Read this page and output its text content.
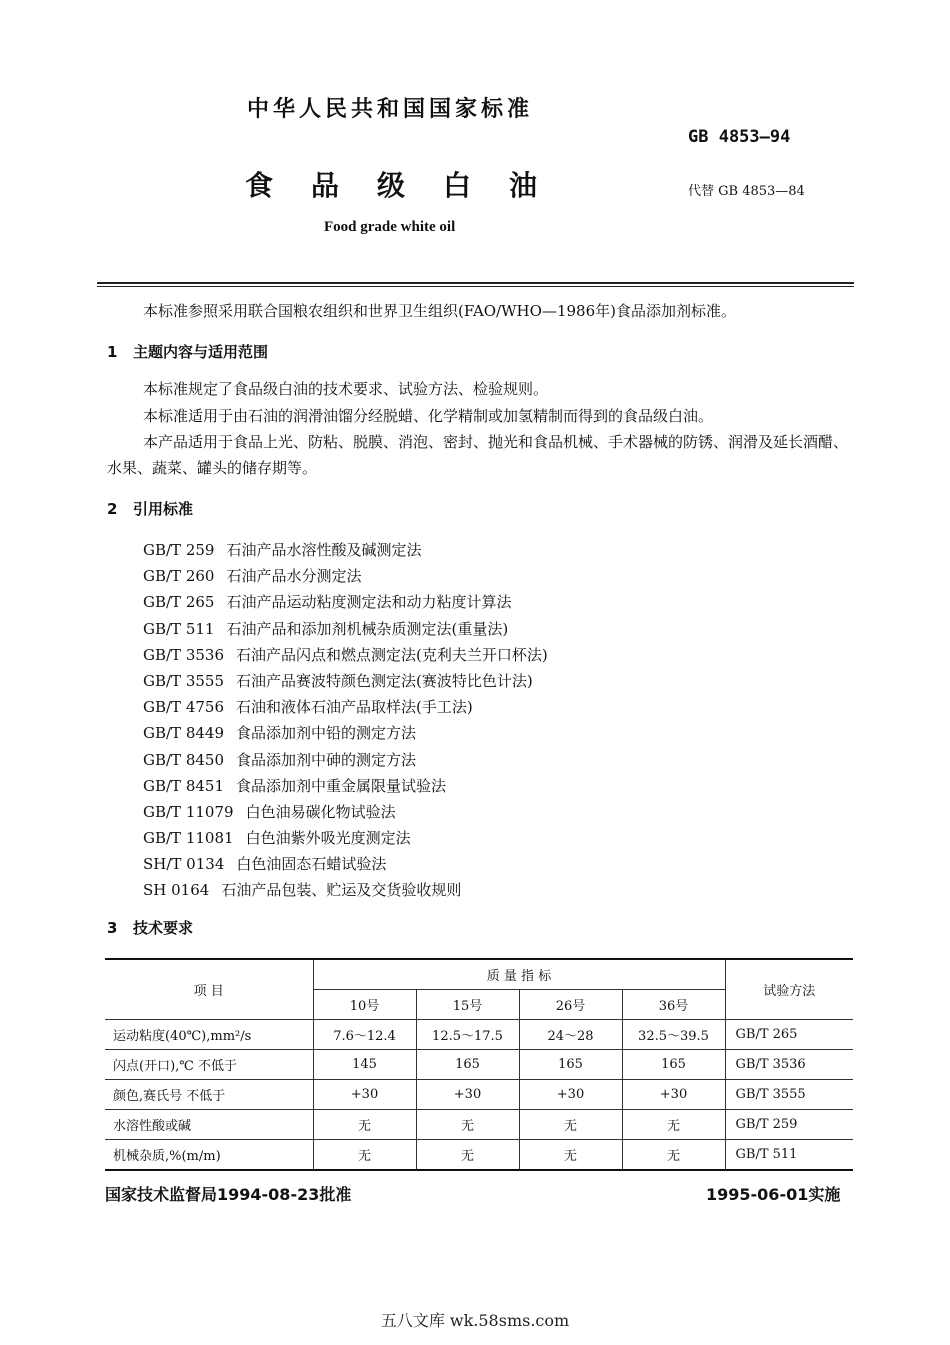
中华人民共和国国家标准
GB 4853—94
食品级白油	代替 GB 4853—84
Food grade white oil
本标准参照采用联合国粮农组织和世界卫生组织(FAO/WHO—1986年)食品添加剂标准。
1 主题内容与适用范围
本标准规定了食品级白油的技术要求、试验方法、检验规则。
本标准适用于由石油的润滑油馏分经脱蜡、化学精制或加氢精制而得到的食品级白油。
本产品适用于食品上光、防粘、脱膜、消泡、密封、抛光和食品机械、手术器械的防锈、润滑及延长酒醋、水果、蔬菜、罐头的储存期等。
2 引用标准
GB/T 259 石油产品水溶性酸及碱测定法
GB/T 260 石油产品水分测定法
GB/T 265 石油产品运动粘度测定法和动力粘度计算法
GB/T 511 石油产品和添加剂机械杂质测定法(重量法)
GB/T 3536 石油产品闪点和燃点测定法(克利夫兰开口杯法)
GB/T 3555 石油产品赛波特颜色测定法(赛波特比色计法)
GB/T 4756 石油和液体石油产品取样法(手工法)
GB/T 8449 食品添加剂中铅的测定方法
GB/T 8450 食品添加剂中砷的测定方法
GB/T 8451 食品添加剂中重金属限量试验法
GB/T 11079 白色油易碳化物试验法
GB/T 11081 白色油紫外吸光度测定法
SH/T 0134 白色油固态石蜡试验法
SH 0164 石油产品包装、贮运及交货验收规则
3 技术要求
项 目	质 量 指 标				试验方法
	10号	15号	26号	36号	
运动粘度(40℃),mm²/s	7.6～12.4	12.5～17.5	24～28	32.5～39.5	GB/T 265
闪点(开口),℃ 不低于	145	165	165	165	GB/T 3536
颜色,赛氏号 不低于	+30	+30	+30	+30	GB/T 3555
水溶性酸或碱	无	无	无	无	GB/T 259
机械杂质,%(m/m)	无	无	无	无	GB/T 511
国家技术监督局1994-08-23批准	1995-06-01实施
五八文库 wk.58sms.com
